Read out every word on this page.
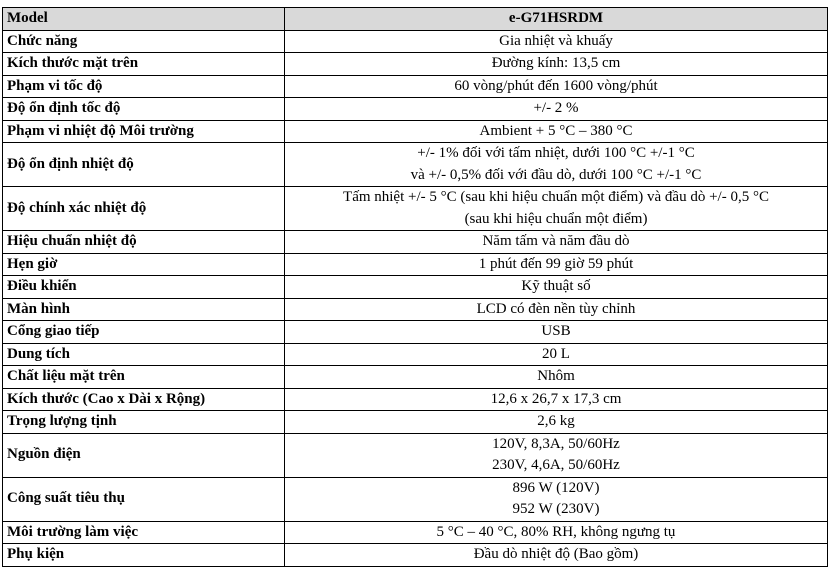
Model	e-G71HSRDM
Chức năng	Gia nhiệt và khuấy

Kích thước mặt trên	Đường kính: 13,5 cm

Phạm vi tốc độ	60 vòng/phút đến 1600 vòng/phút

Độ ổn định tốc độ	+/- 2 %

Phạm vi nhiệt độ Môi trường	Ambient + 5 °C – 380 °C

Độ ổn định nhiệt độ	+/- 1% đối với tấm nhiệt, dưới 100 °C +/-1 °C
và +/- 0,5% đối với đầu dò, dưới 100 °C +/-1 °C

Độ chính xác nhiệt độ	Tấm nhiệt +/- 5 °C (sau khi hiệu chuẩn một điểm) và đầu dò +/- 0,5 °C
(sau khi hiệu chuẩn một điểm)

Hiệu chuẩn nhiệt độ	Năm tấm và năm đầu dò

Hẹn giờ	1 phút đến 99 giờ 59 phút

Điều khiển	Kỹ thuật số

Màn hình	LCD có đèn nền tùy chỉnh

Cổng giao tiếp	USB

Dung tích	20 L

Chất liệu mặt trên	Nhôm

Kích thước (Cao x Dài x Rộng)	12,6 x 26,7 x 17,3 cm

Trọng lượng tịnh	2,6 kg

Nguồn điện	120V, 8,3A, 50/60Hz
230V, 4,6A, 50/60Hz

Công suất tiêu thụ	896 W (120V)
952 W (230V)

Môi trường làm việc	5 °C – 40 °C, 80% RH, không ngưng tụ

Phụ kiện	Đầu dò nhiệt độ (Bao gồm)
